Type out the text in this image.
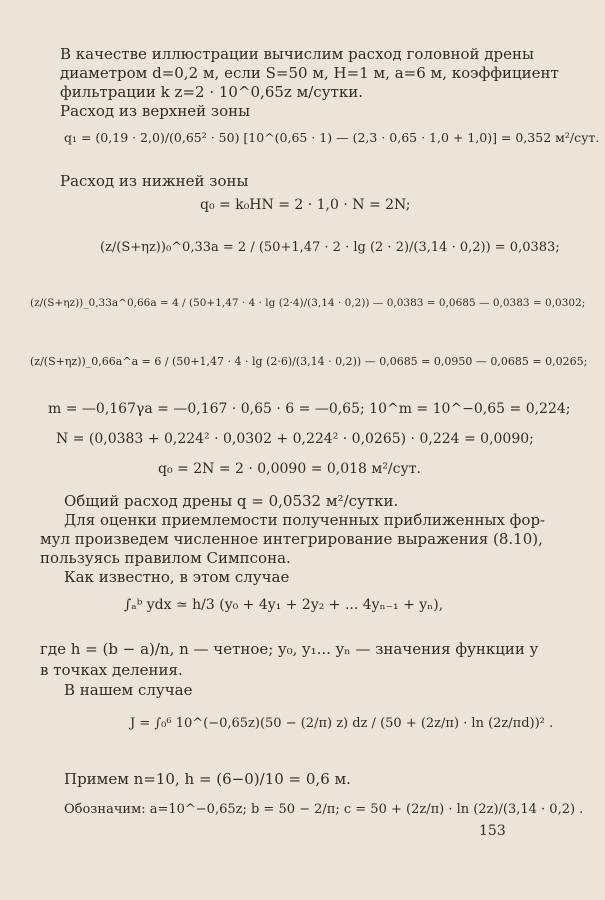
В качестве иллюстрации вычислим расход головной дрены
диаметром d=0,2 м, если S=50 м, H=1 м, a=6 м, коэффициент
фильтрации k z=2 · 10^0,65z м/сутки.
Расход из верхней зоны
q₁ = (0,19 · 2,0)/(0,65² · 50) [10^(0,65 · 1) — (2,3 · 0,65 · 1,0 + 1,0)] = 0,352 м²/сут.
Расход из нижней зоны
q₀ = k₀HN = 2 · 1,0 · N = 2N;
(z/(S+ηz))₀^0,33a = 2 / (50+1,47 · 2 · lg (2 · 2)/(3,14 · 0,2)) = 0,0383;
(z/(S+ηz))_0,33a^0,66a = 4 / (50+1,47 · 4 · lg (2·4)/(3,14 · 0,2)) — 0,0383 = 0,0685 — 0,0383 = 0,0302;
(z/(S+ηz))_0,66a^a = 6 / (50+1,47 · 4 · lg (2·6)/(3,14 · 0,2)) — 0,0685 = 0,0950 — 0,0685 = 0,0265;
m = —0,167γa = —0,167 · 0,65 · 6 = —0,65; 10^m = 10^−0,65 = 0,224;
N = (0,0383 + 0,224² · 0,0302 + 0,224² · 0,0265) · 0,224 = 0,0090;
q₀ = 2N = 2 · 0,0090 = 0,018 м²/сут.
Общий расход дрены q = 0,0532 м²/сутки.
Для оценки приемлемости полученных приближенных фор-
мул произведем численное интегрирование выражения (8.10),
пользуясь правилом Симпсона.
Как известно, в этом случае
∫ₐᵇ ydx ≃ h/3 (y₀ + 4y₁ + 2y₂ + ... 4yₙ₋₁ + yₙ),
где h = (b − a)/n, n — четное; y₀, y₁... yₙ — значения функции y
в точках деления.
В нашем случае
J = ∫₀⁶ 10^(−0,65z)(50 − (2/π) z) dz / (50 + (2z/π) · ln (2z/πd))² .
Примем n=10, h = (6−0)/10 = 0,6 м.
Обозначим: a=10^−0,65z; b = 50 − 2/π; c = 50 + (2z/π) · ln (2z)/(3,14 · 0,2) .
153
